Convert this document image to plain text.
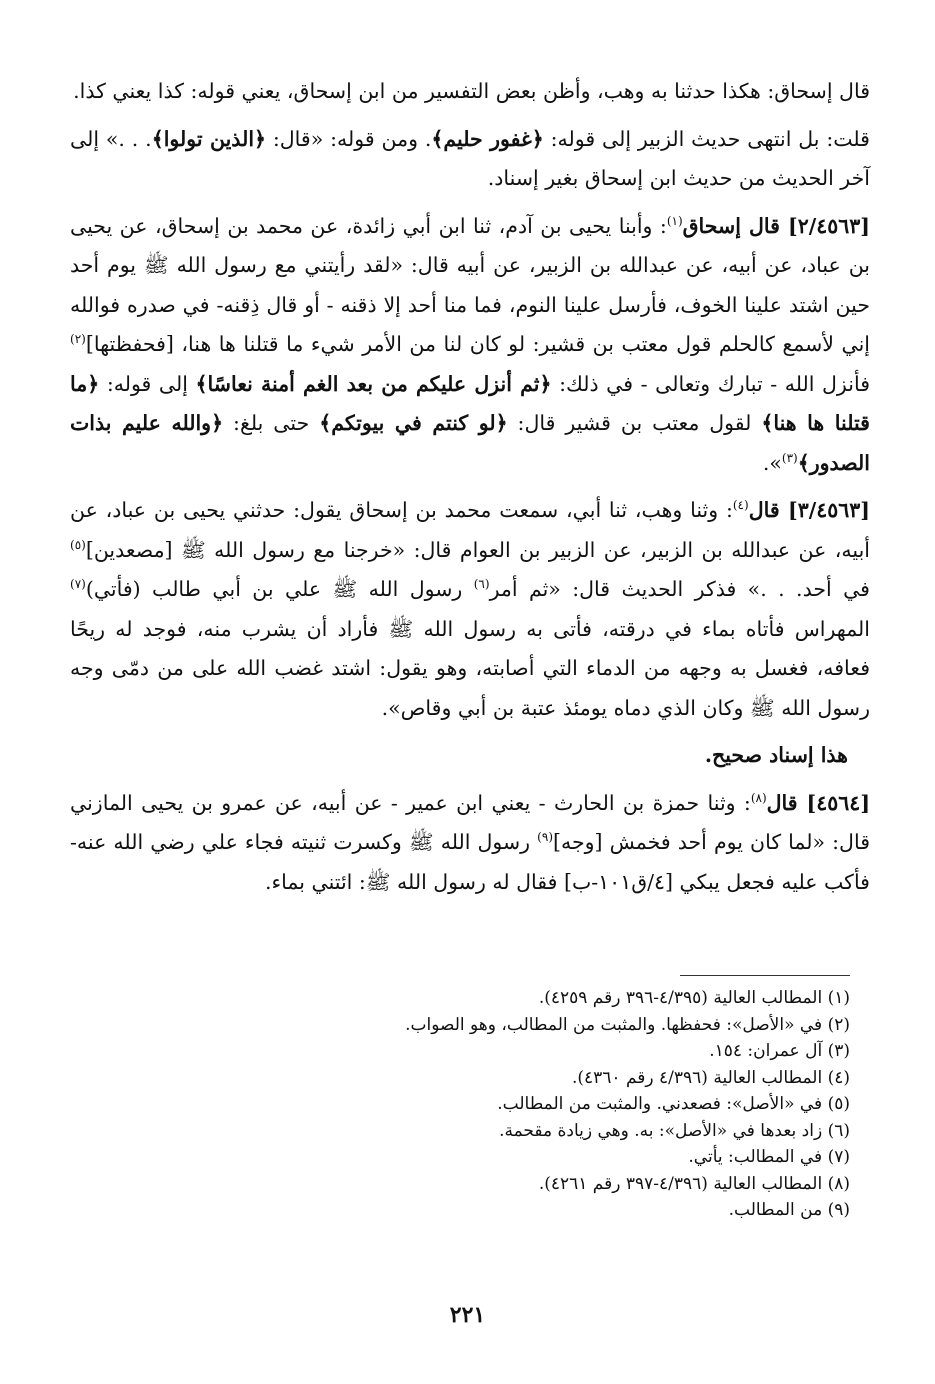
قال إسحاق: هكذا حدثنا به وهب، وأظن بعض التفسير من ابن إسحاق، يعني قوله: كذا يعني كذا.

قلت: بل انتهى حديث الزبير إلى قوله: ﴿غفور حليم﴾. ومن قوله: «قال: ﴿الذين تولوا﴾. . .» إلى آخر الحديث من حديث ابن إسحاق بغير إسناد.

[٢/٤٥٦٣] قال إسحاق$^{(١)}$: وأبنا يحيى بن آدم، ثنا ابن أبي زائدة، عن محمد بن إسحاق، عن يحيى بن عباد، عن أبيه، عن عبدالله بن الزبير، عن أبيه قال: «لقد رأيتني مع رسول الله ﷺ يوم أحد حين اشتد علينا الخوف، فأرسل علينا النوم، فما منا أحد إلا ذقنه - أو قال ذِقنه- في صدره فوالله إني لأسمع كالحلم قول معتب بن قشير: لو كان لنا من الأمر شيء ما قتلنا ها هنا، [فحفظتها]$^{(٢)}$ فأنزل الله - تبارك وتعالى - في ذلك: ﴿ثم أنزل عليكم من بعد الغم أمنة نعاسًا﴾ إلى قوله: ﴿ما قتلنا ها هنا﴾ لقول معتب بن قشير قال: ﴿لو كنتم في بيوتكم﴾ حتى بلغ: ﴿والله عليم بذات الصدور﴾$^{(٣)}$».

[٣/٤٥٦٣] قال$^{(٤)}$: وثنا وهب، ثنا أبي، سمعت محمد بن إسحاق يقول: حدثني يحيى بن عباد، عن أبيه، عن عبدالله بن الزبير، عن الزبير بن العوام قال: «خرجنا مع رسول الله ﷺ [مصعدين]$^{(٥)}$ في أحد. . .» فذكر الحديث قال: «ثم أمر$^{(٦)}$ رسول الله ﷺ علي بن أبي طالب (فأتي)$^{(٧)}$ المهراس فأتاه بماء في درقته، فأتى به رسول الله ﷺ فأراد أن يشرب منه، فوجد له ريحًا فعافه، فغسل به وجهه من الدماء التي أصابته، وهو يقول: اشتد غضب الله على من دمّى وجه رسول الله ﷺ وكان الذي دماه يومئذ عتبة بن أبي وقاص».

هذا إسناد صحيح.

[٤٥٦٤] قال$^{(٨)}$: وثنا حمزة بن الحارث - يعني ابن عمير - عن أبيه، عن عمرو بن يحيى المازني قال: «لما كان يوم أحد فخمش [وجه]$^{(٩)}$ رسول الله ﷺ وكسرت ثنيته فجاء علي رضي الله عنه- فأكب عليه فجعل يبكي [٤/ق١٠١-ب] فقال له رسول الله ﷺ: ائتني بماء.

(١) المطالب العالية (٤/٣٩٥-٣٩٦ رقم ٤٢٥٩).

(٢) في «الأصل»: فحفظها. والمثبت من المطالب، وهو الصواب.

(٣) آل عمران: ١٥٤.

(٤) المطالب العالية (٤/٣٩٦ رقم ٤٣٦٠).

(٥) في «الأصل»: فصعدني. والمثبت من المطالب.

(٦) زاد بعدها في «الأصل»: به. وهي زيادة مقحمة.

(٧) في المطالب: يأتي.

(٨) المطالب العالية (٤/٣٩٦-٣٩٧ رقم ٤٢٦١).

(٩) من المطالب.

٢٢١
